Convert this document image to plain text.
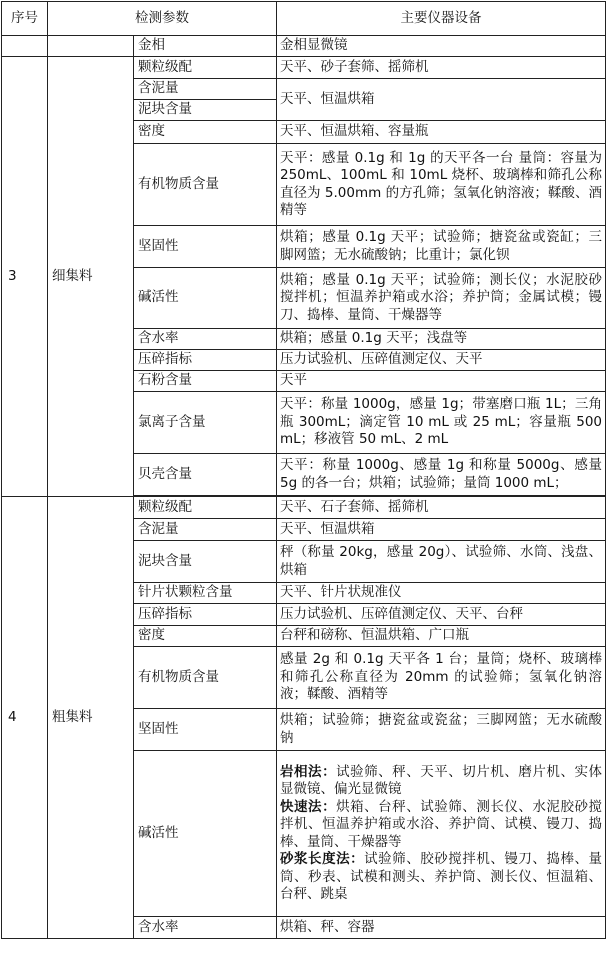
序号	检测参数		主要仪器设备
		金相	金相显微镜
3	细集料	颗粒级配	天平、砂子套筛、摇筛机
		含泥量	天平、恒温烘箱
		泥块含量	
		密度	天平、恒温烘箱、容量瓶
		有机物质含量	天平：感量 0.1g 和 1g 的天平各一台 量筒：容量为 250mL、100mL 和 10mL 烧杯、玻璃棒和筛孔公称直径为 5.00mm 的方孔筛；氢氧化钠溶液；鞣酸、酒精等
		坚固性	烘箱；感量 0.1g 天平；试验筛；搪瓷盆或瓷缸；三脚网篮；无水硫酸钠；比重计；氯化钡
		碱活性	烘箱；感量 0.1g 天平；试验筛；测长仪；水泥胶砂搅拌机；恒温养护箱或水浴；养护筒；金属试模；镘刀、捣棒、量筒、干燥器等
		含水率	烘箱；感量 0.1g 天平；浅盘等
		压碎指标	压力试验机、压碎值测定仪、天平
		石粉含量	天平
		氯离子含量	天平：称量 1000g，感量 1g；带塞磨口瓶 1L；三角瓶 300mL；滴定管 10 mL 或 25 mL；容量瓶 500 mL；移液管 50 mL、2 mL
		贝壳含量	天平：称量 1000g、感量 1g 和称量 5000g、感量 5g 的各一台；烘箱；试验筛；量筒 1000 mL；

4	粗集料	颗粒级配	天平、石子套筛、摇筛机
		含泥量	天平、恒温烘箱
		泥块含量	秤（称量 20kg，感量 20g）、试验筛、水筒、浅盘、烘箱
		针片状颗粒含量	天平、针片状规准仪
		压碎指标	压力试验机、压碎值测定仪、天平、台秤
		密度	台秤和磅称、恒温烘箱、广口瓶
		有机物质含量	感量 2g 和 0.1g 天平各 1 台；量筒；烧杯、玻璃棒和筛孔公称直径为 20mm 的试验筛；氢氧化钠溶液；鞣酸、酒精等
		坚固性	烘箱；试验筛；搪瓷盆或瓷盆；三脚网篮；无水硫酸钠
		碱活性	岩相法：试验筛、秤、天平、切片机、磨片机、实体显微镜、偏光显微镜
快速法：烘箱、台秤、试验筛、测长仪、水泥胶砂搅拌机、恒温养护箱或水浴、养护筒、试模、镘刀、捣棒、量筒、干燥器等
砂浆长度法：试验筛、胶砂搅拌机、镘刀、捣棒、量筒、秒表、试模和测头、养护筒、测长仪、恒温箱、台秤、跳桌

		含水率	烘箱、秤、容器
